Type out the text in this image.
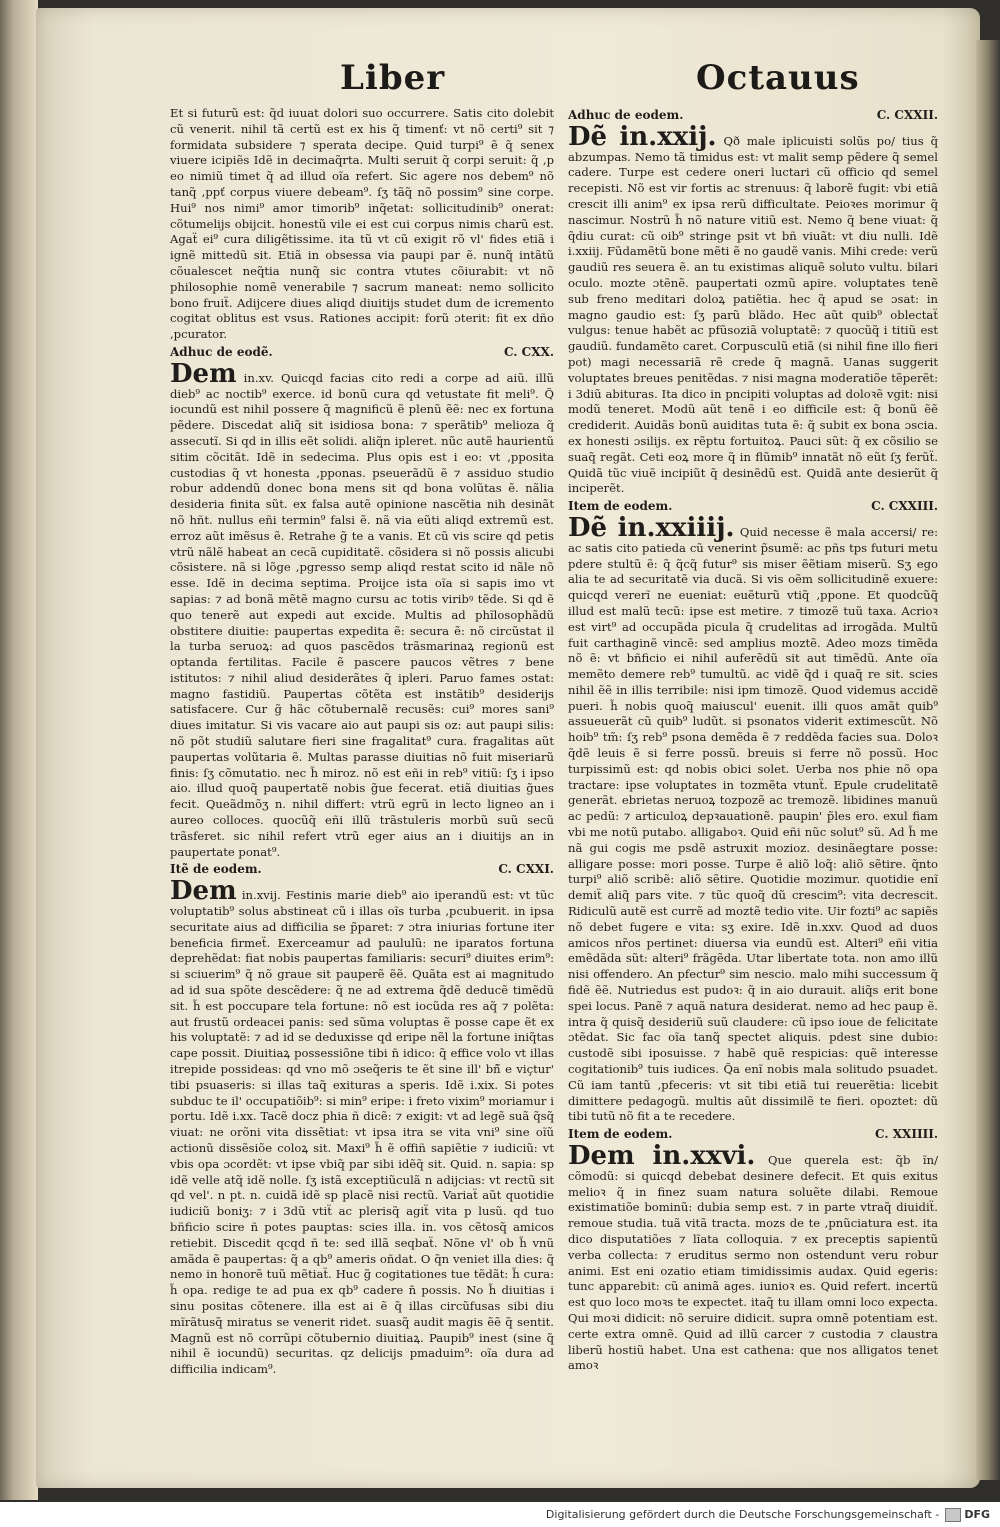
Liber	Octauus
Et si futurũ est: q̃d iuuat dolori suo occurrere. Satis cito dolebit cũ venerit. nihil tã certũ est ex his q̃ timenť: vt nõ certi⁹ sit ⁊ formidata subsidere ⁊ sperata decipe. Quid turpi⁹ ẽ q̃ senex viuere icipiẽs Idẽ in decimaq̃rta. Multi seruit q̃ corpi seruit: q̃ ,p eo nimiũ timet q̃ ad illud oĩa refert. Sic agere nos debem⁹ nõ tanq̃ ,ppť corpus viuere debeam⁹. ſʒ tãq̃ nõ possim⁹ sine corpe. Hui⁹ nos nimi⁹ amor timorib⁹ inq̃etat: sollicitudinib⁹ onerat: cõtumelijs obijcit. honestũ vile ei est cui corpus nimis charũ est. Agaẗ ei⁹ cura diligẽtissime. ita tũ vt cũ exigit rõ vl' fides etiã i ignẽ mittedũ sit. Etiã in obsessa via paupi par ẽ. nunq̃ intãtũ cõualescet neq̃tia nunq̃ sic contra vtutes cõiurabit: vt nõ philosophie nomẽ venerabile ⁊ sacrum maneat: nemo sollicito bono fruiẗ. Adijcere diues aliqd diuitijs studet dum de icremento cogitat oblitus est vsus. Rationes accipit: forũ ɔterit: fit ex dño ,pcurator.
Adhuc de eodẽ.	C. CXX.
Dem in.xv. Quicqd facias cito redi a corpe ad aiũ. illũ dieb⁹ ac noctib⁹ exerce. id bonũ cura qd vetustate fit meli⁹. Q̃ iocundũ est nihil possere q̃ magnificũ ẽ plenũ ẽẽ: nec ex fortuna pẽdere. Discedat aliq̃ sit isidiosa bona: ⁊ sperãtib⁹ melioza q̃ assecutĩ. Si qd in illis eẽt solidi. aliq̃n ipleret. nũc autẽ haurientũ sitim cõcitãt. Idẽ in sedecima. Plus opis est i eo: vt ,pposita custodias q̃ vt honesta ,pponas. pseuerãdũ ẽ ⁊ assiduo studio robur addendũ donec bona mens sit qd bona volũtas ẽ. nãlia desideria finita sũt. ex falsa autẽ opinione nascẽtia nih desinãt nõ hñt. nullus eñi termin⁹ falsi ẽ. nã via eũti aliqd extremũ est. erroz aũt imẽsus ẽ. Retrahe g̃ te a vanis. Et cũ vis scire qd petis vtrũ nãlẽ habeat an cecã cupiditatẽ. cõsidera si nõ possis alicubi cõsistere. nã si lõge ,pgresso semp aliqd restat scito id nãle nõ esse. Idẽ in decima septima. Proijce ista oĩa si sapis imo vt sapias: ⁊ ad bonã mẽtẽ magno cursu ac totis viribꝰ tẽde. Si qd ẽ quo tenerẽ aut expedi aut excide. Multis ad phĩlosophãdũ obstitere diuitie: paupertas expedita ẽ: secura ẽ: nõ circũstat il la turba seruoꝝ: ad quos pascẽdos trãsmarinaꝝ regionũ est optanda fertilitas. Facile ẽ pascere paucos vẽtres ⁊ bene istitutos: ⁊ nihil aliud desiderãtes q̃ ipleri. Paruo fames ɔstat: magno fastidiũ. Paupertas cõtẽta est instãtib⁹ desiderijs satisfacere. Cur g̃ hãc cõtubernalẽ recusẽs: cui⁹ mores sani⁹ diues imitatur. Si vis vacare aio aut paupi sis oz: aut paupi silis: nõ põt studiũ salutare fieri sine fragalitat⁹ cura. fragalitas aũt paupertas volũtaria ẽ. Multas parasse diuitias nõ fuit miseriarũ finis: ſʒ cõmutatio. nec h̃ miroz. nõ est eñi in reb⁹ vitiũ: ſʒ i ipso aio. illud quoq̃ paupertatẽ nobis g̃ue fecerat. etiã diuitias g̃ues fecit. Queãdmõʒ n. nihil differt: vtrũ egrũ in lecto ligneo an i aureo colloces. quocũq̃ eñi illũ trãstuleris morbũ suũ secũ trãsferet. sic nihil refert vtrũ eger aius an i diuitijs an in paupertate ponat⁹.
Itẽ de eodem.	C. CXXI.
Dem in.xvij. Festinis marie dieb⁹ aio iperandũ est: vt tũc voluptatib⁹ solus abstineat cũ i illas oĩs turba ,pcubuerit. in ipsa securitate aius ad difficilia se p̃paret: ⁊ ɔtra iniurias fortune iter beneficia firmeẗ. Exerceamur ad paululũ: ne iparatos fortuna deprehẽdat: fiat nobis paupertas familiaris: securi⁹ diuites erim⁹: si sciuerim⁹ q̃ nõ graue sit pauperẽ ẽẽ. Quãta est ai magnitudo ad id sua spõte descẽdere: q̃ ne ad extrema q̃dẽ deducẽ timẽdũ sit. h̃ est poccupare tela fortune: nõ est iocũda res aq̃ ⁊ polẽta: aut frustũ ordeacei panis: sed sũma voluptas ẽ posse cape ẽt ex his voluptatẽ: ⁊ ad id se deduxisse qd eripe nẽl la fortune iniq̃tas cape possit. Diuitiaꝝ possessiõne tibi n̄ idico: q̃ effice volo vt illas itrepide possideas: qd vno mõ ɔseq̃eris te ẽt sine ill' bñ̃ e viçtur' tibi psuaseris: si illas taq̃ exituras a speris. Idẽ i.xix. Si potes subduc te il' occupatiõib⁹: si min⁹ eripe: i freto vixim⁹ moriamur i portu. Idẽ i.xx. Tacẽ docz phia ñ dicẽ: ⁊ exigit: vt ad legẽ suã q̃sq̃ viuat: ne orõni vita dissẽtiat: vt ipsa itra se vita vni⁹ sine oĩũ actionũ dissẽsiõe coloꝝ sit. Maxi⁹ h̃ ẽ offiñ sapiẽtie ⁊ iudiciũ: vt vbis opa ɔcordẽt: vt ipse vbiq̃ par sibi idẽq̃ sit. Quid. n. sapia: sp idẽ velle atq̃ idẽ nolle. ſʒ istã exceptiũculã n adijcias: vt rectũ sit qd vel'. n pt. n. cuidã idẽ sp placẽ nisi rectũ. Variaẗ aũt quotidie iudiciũ boniʒ: ⁊ i 3dũ vtiẗ ac plerisq̃ agiẗ vita p lusũ. qd tuo bñficio scire ñ potes pauptas: scies illa. in. vos cẽtosq̃ amicos retiebit. Discedit qcqd ñ te: sed illã seqbaẗ. Nõne vl' ob h̃ vnũ amãda ẽ paupertas: q̃ a qb⁹ ameris oñdat. O q̃n veniet illa dies: q̃ nemo in honorẽ tuũ mẽtiaẗ. Huc g̃ cogitationes tue tẽdãt: h̃ cura: h̃ opa. redige te ad pua ex qb⁹ cadere n̄ possis. No h̃ diuitias i sinu positas cõtenere. illa est ai ẽ q̃ illas circũfusas sibi diu mĩrãtusq̃ miratus se venerit ridet. suasq̃ audit magis ẽẽ q̃ sentit. Magnũ est nõ corrũpi cõtubernio diuitiaꝝ. Paupib⁹ inest (sine q̃ nihil ẽ iocundũ) securitas. qz delicijs pmaduim⁹: oĩa dura ad difficilia indicam⁹.
Adhuc de eodem.	C. CXXII.
Dẽ in.xxij. Qð male iplicuisti solũs po/ tius q̃ abzumpas. Nemo tã timidus est: vt malit semp pẽdere q̃ semel cadere. Turpe est cedere oneri luctari cũ officio qd semel recepisti. Nõ est vir fortis ac strenuus: q̃ laborẽ fugit: vbi etiã crescit illi anim⁹ ex ipsa rerũ difficultate. Peioꝛes morimur q̃ nascimur. Nostrũ h̃ nõ nature vitiũ est. Nemo q̃ bene viuat: q̃ q̃diu curat: cũ oib⁹ stringe psit vt bñ viuãt: vt diu nulli. Idẽ i.xxiij. Fũdamẽtũ bone mẽti ẽ no gaudẽ vanis. Mihi crede: verũ gaudiũ res seuera ẽ. an tu existimas aliquẽ soluto vultu. bilari oculo. mozte ɔtẽnẽ. paupertati ozmũ apire. voluptates tenẽ sub freno meditari doloꝝ patiẽtia. hec q̃ apud se ɔsat: in magno gaudio est: ſʒ parũ blãdo. Hec aũt quib⁹ oblectaẗ vulgus: tenue habẽt ac pfũsoziã voluptatẽ: ⁊ quocũq̃ i titiũ est gaudiũ. fundamẽto caret. Corpusculũ etiã (si nihil fine illo fieri pot) magi necessariã rẽ crede q̃ magnã. Uanas suggerit voluptates breues penitẽdas. ⁊ nisi magna moderatiõe tẽperẽt: i 3diũ abituras. Ita dico in pncipiti voluptas ad doloꝛẽ vgit: nisi modũ teneret. Modũ aũt tenẽ i eo difficile est: q̃ bonũ ẽẽ crediderit. Auidãs bonũ auiditas tuta ẽ: q̃ subit ex bona ɔscia. ex honesti ɔsilijs. ex rẽptu fortuitoꝝ. Pauci sũt: q̃ ex cõsilio se suaq̃ regãt. Ceti eoꝝ more q̃ in flũmib⁹ innatãt nõ eũt ſʒ ferũẗ. Quidã tũc viuẽ incipiũt q̃ desinẽdũ est. Quidã ante desierũt q̃ inciperẽt.
Item de eodem.	C. CXXIII.
Dẽ in.xxiiij. Quid necesse ẽ mala accersi/ re: ac satis cito patieda cũ venerint p̃sumẽ: ac pñs tps futuri metu pdere stultũ ẽ: q̃ q̃cq̃ futur⁹ sis miser ẽẽtiam miserũ. Sʒ ego alia te ad securitatẽ via ducã. Si vis oẽm sollicitudinẽ exuere: quicqd vererĩ ne eueniat: euẽturũ vtiq̃ ,ppone. Et quodcũq̃ illud est malũ tecũ: ipse est metire. ⁊ timozẽ tuũ taxa. Acrioꝛ est virt⁹ ad occupãda picula q̃ crudelitas ad irrogãda. Multũ fuit carthaginẽ vincẽ: sed amplius moztẽ. Adeo mozs timẽda nõ ẽ: vt bñficio ei nihil auferẽdũ sit aut timẽdũ. Ante oĩa memẽto demere reb⁹ tumultũ. ac vidẽ q̃d i quaq̃ re sit. scies nihil ẽẽ in illis terribile: nisi ipm timozẽ. Quod videmus accidẽ pueri. h̃ nobis quoq̃ maiuscul' euenit. illi quos amãt quib⁹ assueuerãt cũ quib⁹ ludũt. si psonatos viderit extimescũt. Nõ hoib⁹ tm̃: ſʒ reb⁹ psona demẽda ẽ ⁊ reddẽda facies sua. Doloꝛ q̃dẽ leuis ẽ si ferre possũ. breuis si ferre nõ possũ. Hoc turpissimũ est: qd nobis obici solet. Uerba nos phie nõ opa tractare: ipse voluptates in tozmẽta vtunẗ. Epule crudelitatẽ generãt. ebrietas neruoꝝ tozpozẽ ac tremozẽ. libidines manuũ ac pedũ: ⁊ articuloꝝ depꝛauationẽ. paupin' p̃les ero. exul fiam vbi me notũ putabo. alligaboꝛ. Quid eñi nũc solut⁹ sũ. Ad h̃ me nã gui cogis me psdẽ astruxit mozioz. desinãegtare posse: alligare posse: mori posse. Turpe ẽ aliõ loq̃: aliõ sẽtire. q̃nto turpi⁹ aliõ scribẽ: aliõ sẽtire. Quotidie mozimur. quotidie enĩ demiẗ aliq̃ pars vite. ⁊ tũc quoq̃ dũ crescim⁹: vita decrescit. Ridiculũ autẽ est currẽ ad moztẽ tedio vite. Uir fozti⁹ ac sapiẽs nõ debet fugere e vita: sʒ exire. Idẽ in.xxv. Quod ad duos amicos nr̃os pertinet: diuersa via eundũ est. Alteri⁹ eñi vitia emẽdãda sũt: alteri⁹ frãgẽda. Utar libertate tota. non amo illũ nisi offendero. An pfectur⁹ sim nescio. malo mihi successum q̃ fidẽ ẽẽ. Nutriedus est pudoꝛ: q̃ in aio durauit. aliq̃s erit bone spei locus. Panẽ ⁊ aquã natura desiderat. nemo ad hec paup ẽ. intra q̃ quisq̃ desideriũ suũ claudere: cũ ipso ioue de felicitate ɔtẽdat. Sic fac oĩa tanq̃ spectet aliquis. pdest sine dubio: custodẽ sibi iposuisse. ⁊ habẽ quẽ respicias: quẽ interesse cogitationib⁹ tuis iudices. Q̃a enĩ nobis mala solitudo psuadet. Cũ iam tantũ ,pfeceris: vt sit tibi etiã tui reuerẽtia: licebit dimittere pedagogũ. multis aũt dissimilẽ te fieri. opoztet: dũ tibi tutũ nõ fit a te recedere.
Item de eodem.	C. XXIIII.
Dem in.xxvi. Que querela est: q̃b ĩn/ cõmodũ: si quicqd debebat desinere defecit. Et quis exitus melioꝛ q̃ in finez suam natura soluẽte dilabi. Remoue existimatiõe bominũ: dubia semp est. ⁊ in parte vtraq̃ diuidiẗ. remoue studia. tuã vitã tracta. mozs de te ,pnũciatura est. ita dico disputatiões ⁊ lĩata colloquia. ⁊ ex preceptis sapientũ verba collecta: ⁊ eruditus sermo non ostendunt veru robur animi. Est eni ozatio etiam timidissimis audax. Quid egeris: tunc apparebit: cũ animã ages. iunioꝛ es. Quid refert. incertũ est quo loco moꝛs te expectet. itaq̃ tu illam omni loco expecta. Qui moꝛi didicit: nõ seruire didicit. supra omnẽ potentiam est. certe extra omnẽ. Quid ad illũ carcer ⁊ custodia ⁊ claustra liberũ hostiũ habet. Una est cathena: que nos alligatos tenet amoꝛ
Digitalisierung gefördert durch die Deutsche Forschungsgemeinschaft - DFG
